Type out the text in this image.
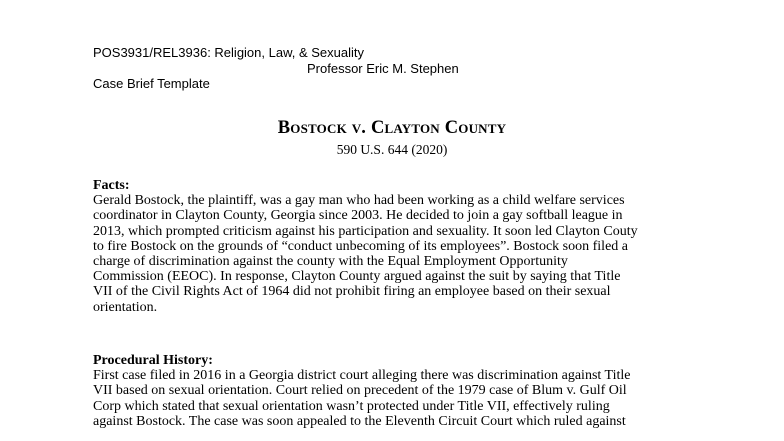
POS3931/REL3936: Religion, Law, & Sexuality
Professor Eric M. Stephen
Case Brief Template
Bostock v. Clayton County
590 U.S. 644 (2020)
Facts:
Gerald Bostock, the plaintiff, was a gay man who had been working as a child welfare services
coordinator in Clayton County, Georgia since 2003. He decided to join a gay softball league in
2013, which prompted criticism against his participation and sexuality. It soon led Clayton Couty
to fire Bostock on the grounds of “conduct unbecoming of its employees”. Bostock soon filed a
charge of discrimination against the county with the Equal Employment Opportunity
Commission (EEOC). In response, Clayton County argued against the suit by saying that Title
VII of the Civil Rights Act of 1964 did not prohibit firing an employee based on their sexual
orientation.
Procedural History:
First case filed in 2016 in a Georgia district court alleging there was discrimination against Title
VII based on sexual orientation. Court relied on precedent of the 1979 case of Blum v. Gulf Oil
Corp which stated that sexual orientation wasn’t protected under Title VII, effectively ruling
against Bostock. The case was soon appealed to the Eleventh Circuit Court which ruled against
